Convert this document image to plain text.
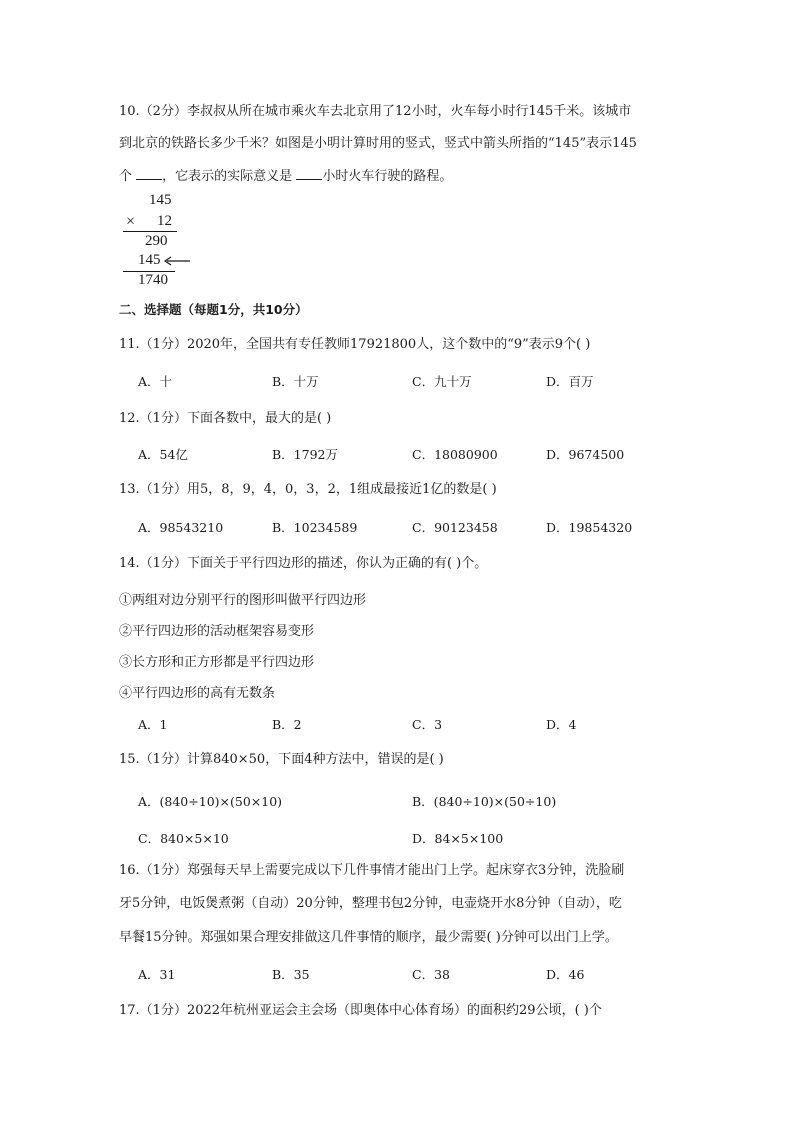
10.（2分）李叔叔从所在城市乘火车去北京用了12小时，火车每小时行145千米。该城市
到北京的铁路长多少千米？如图是小明计算时用的竖式，竖式中箭头所指的“145”表示145
个 ，它表示的实际意义是 小时火车行驶的路程。
145
× 12
290
145
1740
二、选择题（每题1分，共10分）
11.（1分）2020年，全国共有专任教师17921800人，这个数中的“9”表示9个( )
A．十	B．十万	C．九十万	D．百万
12.（1分）下面各数中，最大的是( )
A．54亿	B．1792万	C．18080900	D．9674500
13.（1分）用5，8，9，4，0，3，2，1组成最接近1亿的数是( )
A．98543210	B．10234589	C．90123458	D．19854320
14.（1分）下面关于平行四边形的描述，你认为正确的有( )个。
①两组对边分别平行的图形叫做平行四边形
②平行四边形的活动框架容易变形
③长方形和正方形都是平行四边形
④平行四边形的高有无数条
A．1	B．2	C．3	D．4
15.（1分）计算840×50，下面4种方法中，错误的是( )
A．(840÷10)×(50×10)	B．(840÷10)×(50÷10)
C．840×5×10	D．84×5×100
16.（1分）郑强每天早上需要完成以下几件事情才能出门上学。起床穿衣3分钟，洗脸刷
牙5分钟，电饭煲煮粥（自动）20分钟，整理书包2分钟，电壶烧开水8分钟（自动），吃
早餐15分钟。郑强如果合理安排做这几件事情的顺序，最少需要( )分钟可以出门上学。
A．31	B．35	C．38	D．46
17.（1分）2022年杭州亚运会主会场（即奥体中心体育场）的面积约29公顷，( )个
